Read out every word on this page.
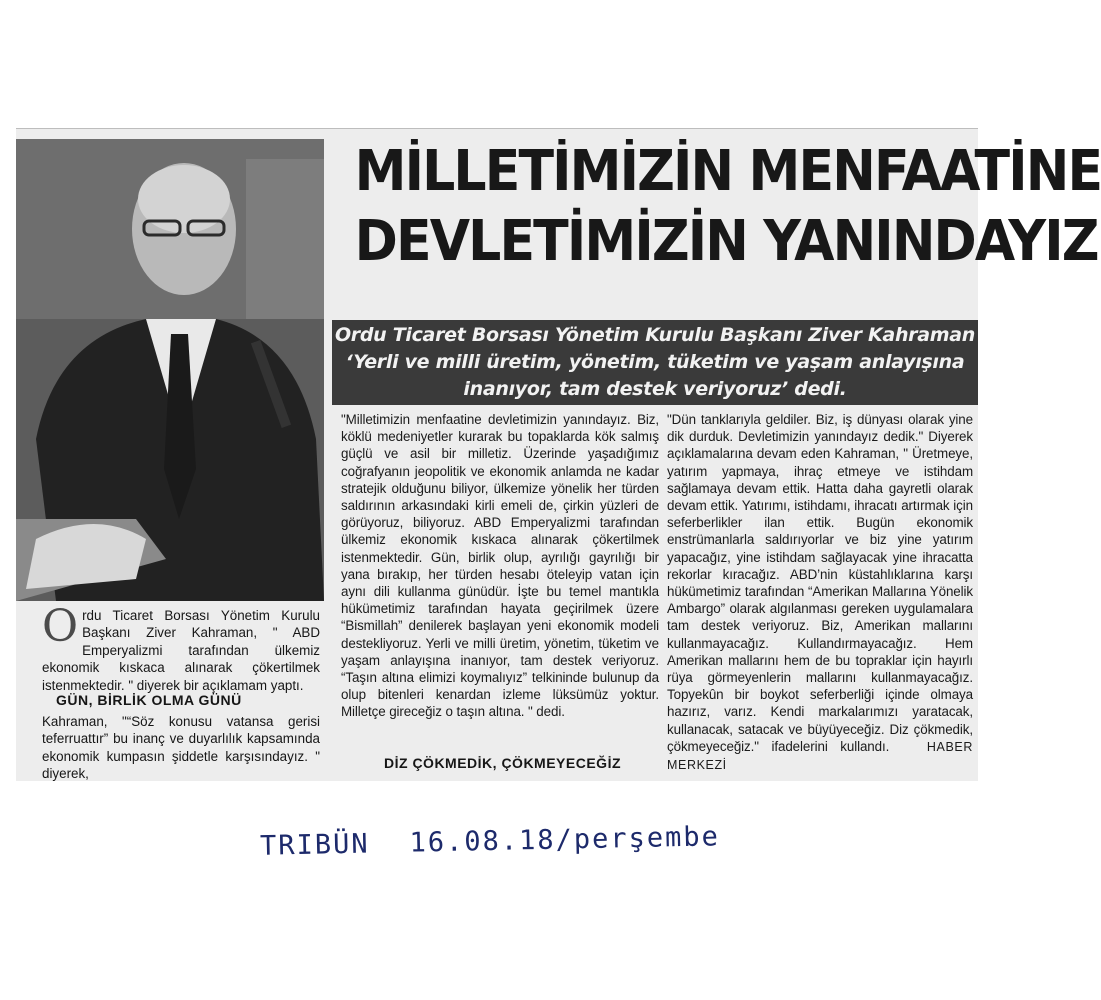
MİLLETİMİZİN MENFAATİNE
DEVLETİMİZİN YANINDAYIZ
Ordu Ticaret Borsası Yönetim Kurulu Başkanı Ziver Kahraman
‘Yerli ve milli üretim, yönetim, tüketim ve yaşam anlayışına
inanıyor, tam destek veriyoruz’ dedi.
O rdu Ticaret Borsası Yönetim Kurulu Başkanı Ziver Kahraman, ʺ ABD Emperyalizmi tarafından ülkemiz ekonomik kıskaca alınarak çökertilmek istenmektedir. ʺ diyerek bir açıklamam yaptı.
GÜN, BİRLİK OLMA GÜNÜ
Kahraman, ʺ“Söz konusu vatansa gerisi teferruattır” bu inanç ve duyarlılık kapsamında ekonomik kumpasın şiddetle karşısındayız. ʺ diyerek,

ʺMilletimizin menfaatine devletimizin yanındayız. Biz, köklü medeniyetler kurarak bu topaklarda kök salmış güçlü ve asil bir milletiz. Üzerinde yaşadığımız coğrafyanın jeopolitik ve ekonomik anlamda ne kadar stratejik olduğunu biliyor, ülkemize yönelik her türden saldırının arkasındaki kirli emeli de, çirkin yüzleri de görüyoruz, biliyoruz. ABD Emperyalizmi tarafından ülkemiz ekonomik kıskaca alınarak çökertilmek istenmektedir. Gün, birlik olup, ayrılığı gayrılığı bir yana bırakıp, her türden hesabı öteleyip vatan için aynı dili kullanma günüdür. İşte bu temel mantıkla hükümetimiz tarafından hayata geçirilmek üzere “Bismillah” denilerek başlayan yeni ekonomik modeli destekliyoruz. Yerli ve milli üretim, yönetim, tüketim ve yaşam anlayışına inanıyor, tam destek veriyoruz. “Taşın altına elimizi koymalıyız” telkininde bulunup da olup bitenleri kenardan izleme lüksümüz yoktur. Milletçe gireceğiz o taşın altına. ʺ dedi.

DİZ ÇÖKMEDİK, ÇÖKMEYECEĞİZ

ʺDün tanklarıyla geldiler. Biz, iş dünyası olarak yine dik durduk. Devletimizin yanındayız dedik.ʺ Diyerek açıklamalarına devam eden Kahraman, ʺ Üretmeye, yatırım yapmaya, ihraç etmeye ve istihdam sağlamaya devam ettik. Hatta daha gayretli olarak devam ettik. Yatırımı, istihdamı, ihracatı artırmak için seferberlikler ilan ettik. Bugün ekonomik enstrümanlarla saldırıyorlar ve biz yine yatırım yapacağız, yine istihdam sağlayacak yine ihracatta rekorlar kıracağız. ABD’nin küstahlıklarına karşı hükümetimiz tarafından “Amerikan Mallarına Yönelik Ambargo” olarak algılanması gereken uygulamalara tam destek veriyoruz. Biz, Amerikan mallarını kullanmayacağız. Kullandırmayacağız. Hem Amerikan mallarını hem de bu topraklar için hayırlı rüya görmeyenlerin mallarını kullanmayacağız. Topyekûn bir boykot seferberliği içinde olmaya hazırız, varız. Kendi markalarımızı yaratacak, kullanacak, satacak ve büyüyeceğiz. Diz çökmedik, çökmeyeceğiz.ʺ ifadelerini kullandı.	HABER MERKEZİ

TRIBÜN 16.08.18/perşembe
